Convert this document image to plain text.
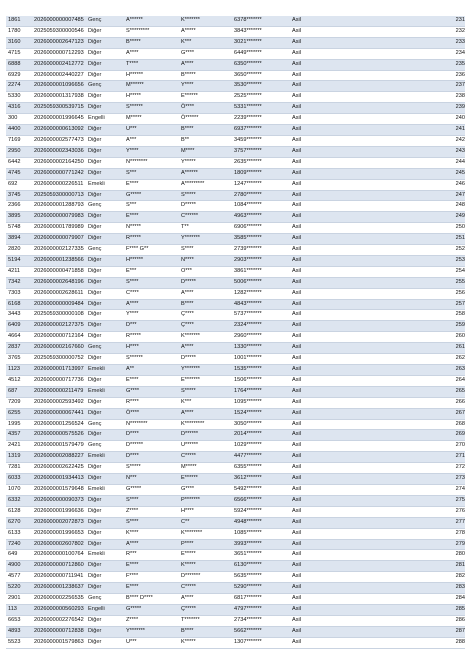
1861	2026000000007485	Genç	A******	K*******	6378*******	Asil	231
1780	2025059300000546	Diğer	S*********	A*****	3843*******	Asil	232
3160	2026000002647123	Diğer	B*****	K***	3021*******	Asil	233
4715	2026000000712293	Diğer	A****	G****	6449*******	Asil	234
6888	2026000002412772	Diğer	T****	A****	6350*******	Asil	235
6929	2026000002440227	Diğer	H******	B*****	3650*******	Asil	236
2274	2026000001096656	Genç	M******	Y****	3530*******	Asil	237
5330	2026000001317938	Diğer	H*****	E******	2525*******	Asil	238
4316	2025059300539715	Diğer	S******	Ö****	5331*******	Asil	239
300	2026000001996645	Engelli	M*****	Ö******	2239*******	Asil	240
4400	2026000000613092	Diğer	U***	B****	6937*******	Asil	241
7169	2026000002577473	Diğer	A***	B**	3459*******	Asil	242
2950	2026000002343036	Diğer	Y****	M****	3757*******	Asil	243
6442	2026000002164250	Diğer	N********	Y*****	2635*******	Asil	244
4745	2026000000771242	Diğer	S***	A******	1809*******	Asil	245
692	2026000000226511	Emekli	E****	A*********	1247*******	Asil	246
3745	2025059300000713	Diğer	G*****	S*****	2780*******	Asil	247
2366	2026000001288793	Genç	S***	D*****	1084*******	Asil	248
3895	2026000000079983	Diğer	E****	C******	4963*******	Asil	249
5748	2026000001789989	Diğer	N*****	T**	6906*******	Asil	250
3894	2026000000079907	Diğer	R*****	Y*******	3585*******	Asil	251
2820	2026000002127335	Genç	F**** G**	S****	2739*******	Asil	252
5194	2026000001238566	Diğer	H******	N****	2903*******	Asil	253
4211	2026000000471858	Diğer	E***	O***	3861*******	Asil	254
7342	2026000002648196	Diğer	S****	D*****	5006*******	Asil	255
7303	2026000002628611	Diğer	C****	A****	1282*******	Asil	256
6168	2026000000009484	Diğer	A****	B****	4843*******	Asil	257
3443	2025059300000108	Diğer	Y****	Ç****	5737*******	Asil	258
6409	2026000002127375	Diğer	D***	Ç****	2324*******	Asil	259
4664	2026000000712164	Diğer	R*****	K*******	2960*******	Asil	260
2837	2026000002167660	Genç	H****	A****	1330*******	Asil	261
3765	2025059300000752	Diğer	S******	D*****	1001*******	Asil	262
1123	2026000001713997	Emekli	A**	Y*******	1535*******	Asil	263
4512	2026000000717736	Diğer	E****	E*******	1506*******	Asil	264
687	2026000000211479	Emekli	G****	S*****	1764*******	Asil	265
7209	2026000002593492	Diğer	R****	K***	1095*******	Asil	266
6255	2026000000067441	Diğer	Ö****	A****	1524*******	Asil	267
1995	2026000001256524	Genç	N********	K*********	3050*******	Asil	268
4357	2026000000575526	Diğer	D****	D******	2014*******	Asil	269
2421	2026000001579479	Genç	D******	U******	1029*******	Asil	270
1319	2026000002088227	Emekli	D****	C*****	4477*******	Asil	271
7281	2026000002622425	Diğer	S*****	M*****	6355*******	Asil	272
6033	2026000001934413	Diğer	N***	E******	3612*******	Asil	273
1070	2026000001579648	Emekli	G*****	G****	5492*******	Asil	274
6332	2026000000090373	Diğer	S****	P*******	6566*******	Asil	275
6128	2026000001996636	Diğer	Z****	H****	5924*******	Asil	276
6270	2026000002072873	Diğer	S****	C**	4948*******	Asil	277
6133	2026000001996653	Diğer	K****	K********	1085*******	Asil	278
7240	2026000002607802	Diğer	A****	P****	3993*******	Asil	279
649	2026000000100764	Emekli	R***	E*****	3651*******	Asil	280
4900	2026000000712860	Diğer	E****	K*****	6130*******	Asil	281
4577	2026000000711941	Diğer	F****	D*******	5635*******	Asil	282
5220	2026000001238637	Diğer	E****	C*****	5290*******	Asil	283
2901	2026000002256535	Genç	B**** D****	A****	6817*******	Asil	284
113	2026000000560293	Engelli	G*****	Ç*****	4797*******	Asil	285
6653	2026000002276542	Diğer	Z****	T*******	2734*******	Asil	286
4893	2026000000712838	Diğer	Y*******	B****	5662*******	Asil	287
5523	2026000001579863	Diğer	U***	K*****	1307*******	Asil	288
